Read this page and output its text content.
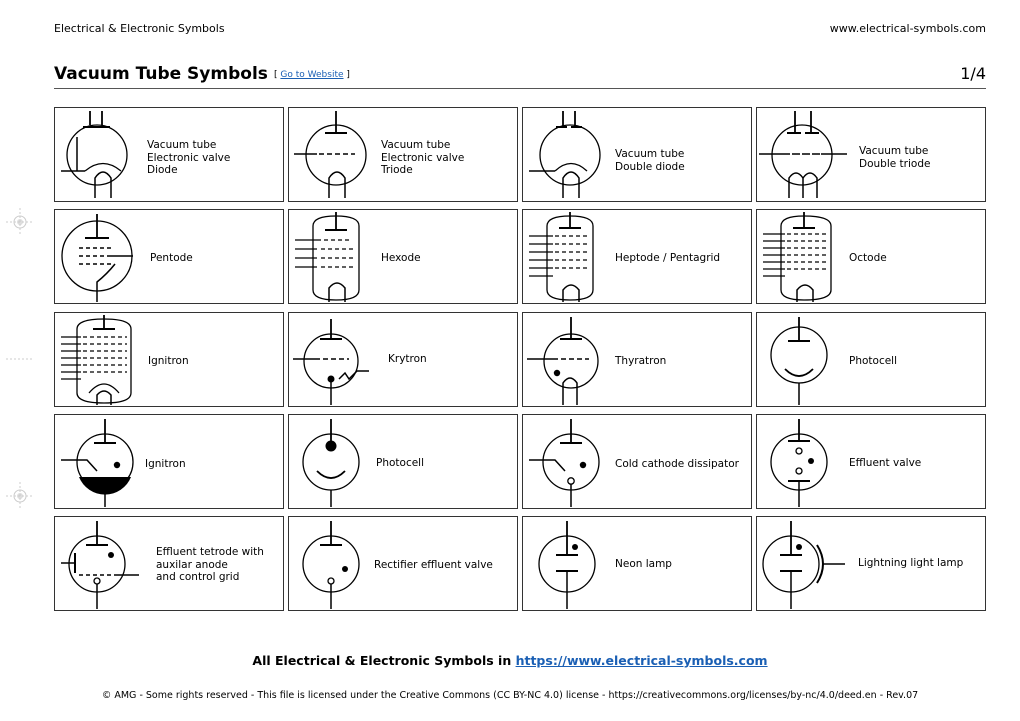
Electrical & Electronic Symbols	www.electrical-symbols.com
Vacuum Tube Symbols [ Go to Website ]	1/4
Vacuum tube
Electronic valve
Diode
Vacuum tube
Electronic valve
Triode
Vacuum tube
Double diode
Vacuum tube
Double triode
Pentode	Hexode	Heptode / Pentagrid	Octode
Ignitron	Krytron	Thyratron	Photocell
Ignitron	Photocell	Cold cathode dissipator	Effluent valve
Effluent tetrode with
auxilar anode
and control grid
Rectifier effluent valve	Neon lamp	Lightning light lamp
All Electrical & Electronic Symbols in https://www.electrical-symbols.com
© AMG - Some rights reserved - This file is licensed under the Creative Commons (CC BY-NC 4.0) license - https://creativecommons.org/licenses/by-nc/4.0/deed.en - Rev.07
